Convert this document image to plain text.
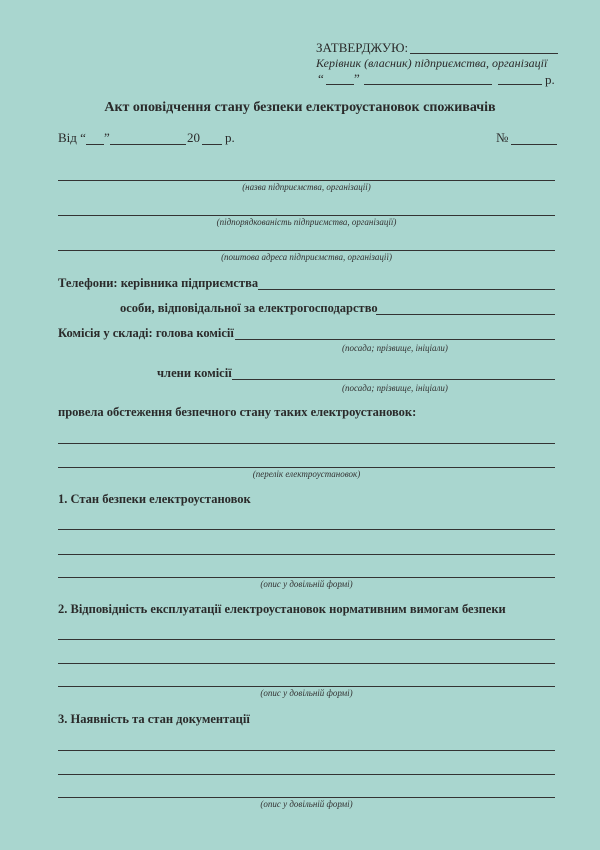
ЗАТВЕРДЖУЮ:
Керівник (власник) підприємства, організації
“ ”	р.
Акт оповідчення стану безпеки електроустановок споживачів
Від “ ”	20 р.	№
(назва підприємства, організації)
(підпорядкованість підприємства, організації)
(поштова адреса підприємства, організації)
Телефони: керівника підприємства
особи, відповідальної за електрогосподарство
Комісія у складі: голова комісії
(посада; прізвище, ініціали)
члени комісії
(посада; прізвище, ініціали)
провела обстеження безпечного стану таких електроустановок:
(перелік електроустановок)
1. Стан безпеки електроустановок
(опис у довільній формі)
2. Відповідність експлуатації електроустановок нормативним вимогам безпеки
(опис у довільній формі)
3. Наявність та стан документації
(опис у довільній формі)
